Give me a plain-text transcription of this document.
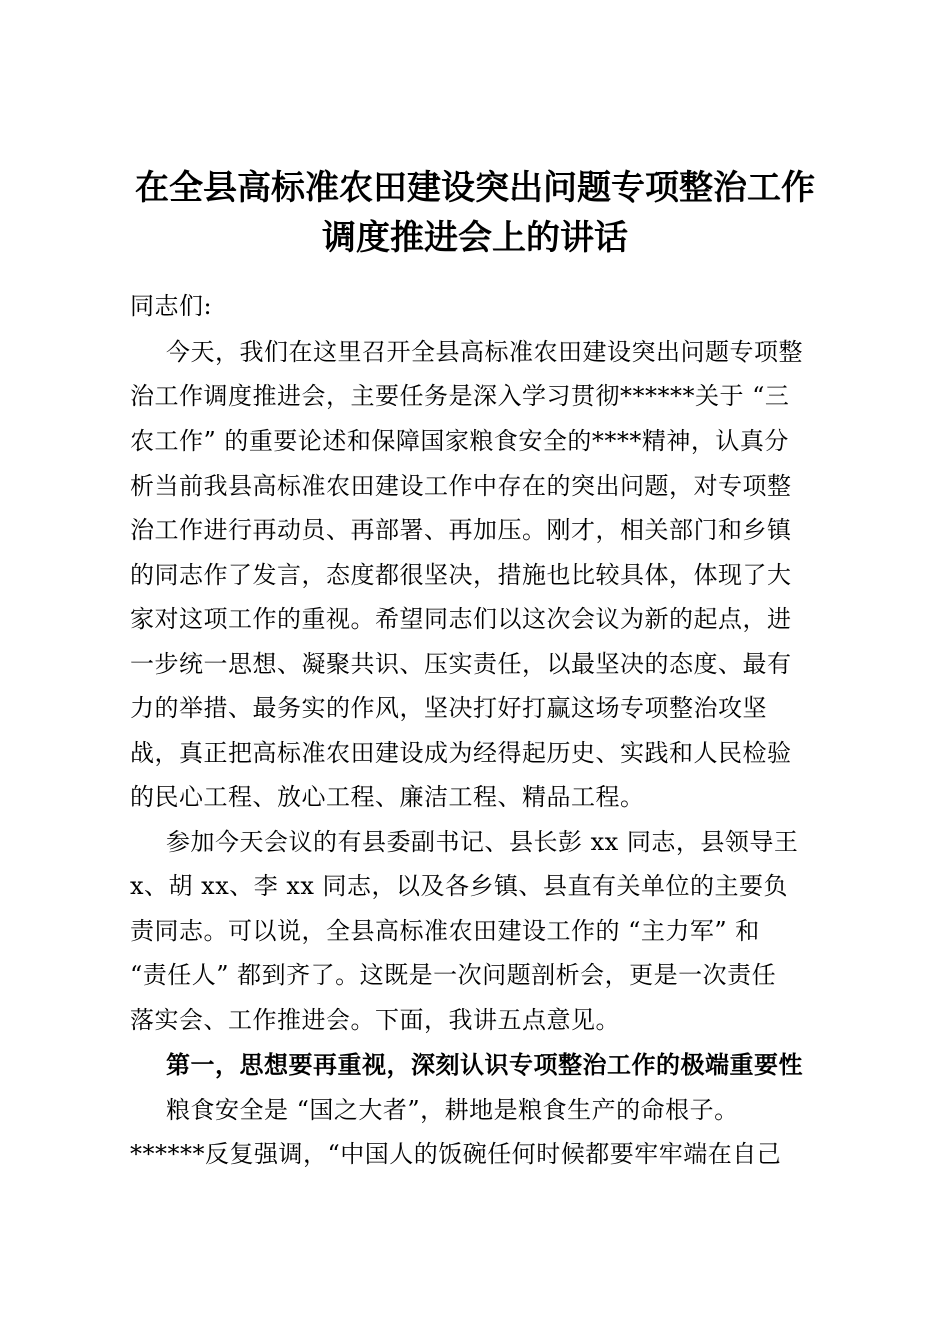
在全县高标准农田建设突出问题专项整治工作
调度推进会上的讲话
同志们:
今天，我们在这里召开全县高标准农田建设突出问题专项整
治工作调度推进会，主要任务是深入学习贯彻******关于 “三
农工作” 的重要论述和保障国家粮食安全的****精神，认真分
析当前我县高标准农田建设工作中存在的突出问题，对专项整
治工作进行再动员、再部署、再加压。刚才，相关部门和乡镇
的同志作了发言，态度都很坚决，措施也比较具体，体现了大
家对这项工作的重视。希望同志们以这次会议为新的起点，进
一步统一思想、凝聚共识、压实责任，以最坚决的态度、最有
力的举措、最务实的作风，坚决打好打赢这场专项整治攻坚
战，真正把高标准农田建设成为经得起历史、实践和人民检验
的民心工程、放心工程、廉洁工程、精品工程。
参加今天会议的有县委副书记、县长彭 xx 同志，县领导王
x、胡 xx、李 xx 同志，以及各乡镇、县直有关单位的主要负
责同志。可以说，全县高标准农田建设工作的 “主力军” 和
“责任人” 都到齐了。这既是一次问题剖析会，更是一次责任
落实会、工作推进会。下面，我讲五点意见。
第一，思想要再重视，深刻认识专项整治工作的极端重要性
粮食安全是 “国之大者”，耕地是粮食生产的命根子。
******反复强调，“中国人的饭碗任何时候都要牢牢端在自己
